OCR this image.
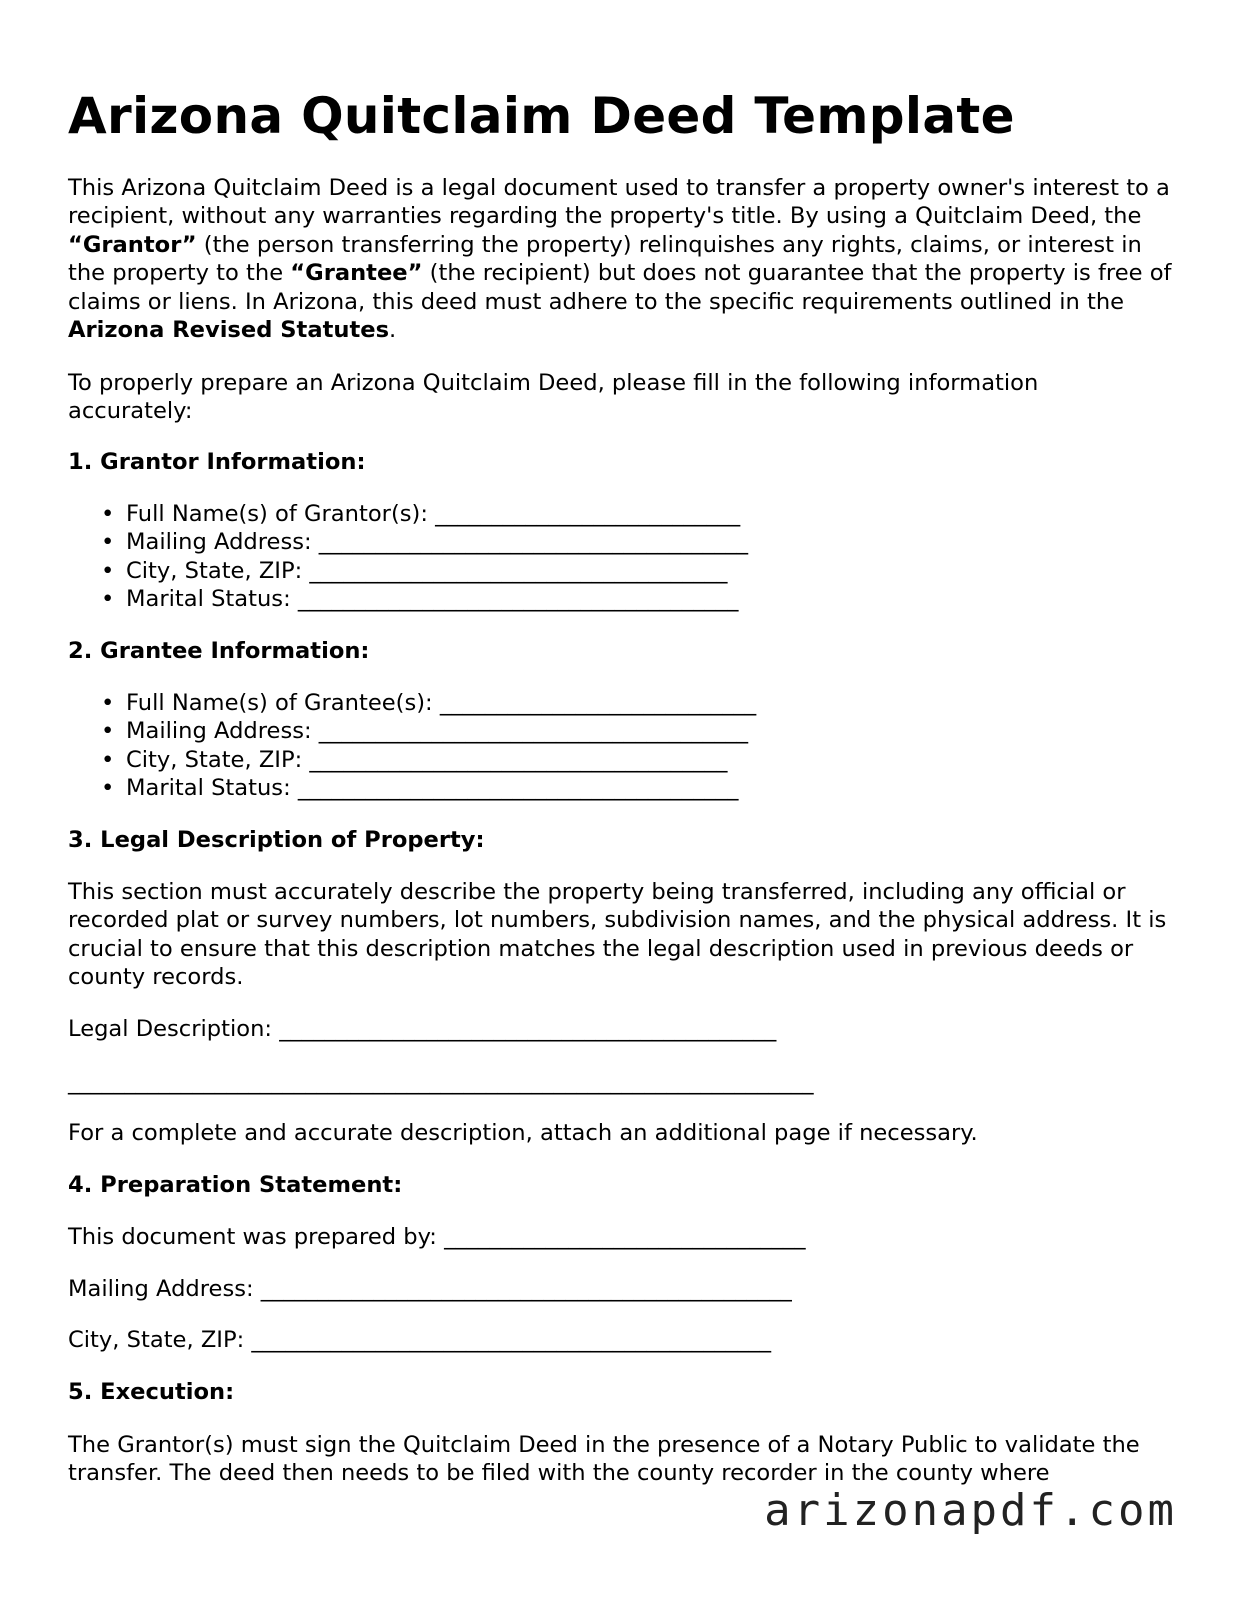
Arizona Quitclaim Deed Template

This Arizona Quitclaim Deed is a legal document used to transfer a property owner's interest to a recipient, without any warranties regarding the property's title. By using a Quitclaim Deed, the “Grantor” (the person transferring the property) relinquishes any rights, claims, or interest in the property to the “Grantee” (the recipient) but does not guarantee that the property is free of claims or liens. In Arizona, this deed must adhere to the specific requirements outlined in the Arizona Revised Statutes.

To properly prepare an Arizona Quitclaim Deed, please fill in the following information accurately:

1. Grantor Information:

• Full Name(s) of Grantor(s): ___________________________
• Mailing Address: ______________________________________
• City, State, ZIP: _____________________________________
• Marital Status: _______________________________________

2. Grantee Information:

• Full Name(s) of Grantee(s): ____________________________
• Mailing Address: ______________________________________
• City, State, ZIP: _____________________________________
• Marital Status: _______________________________________

3. Legal Description of Property:

This section must accurately describe the property being transferred, including any official or recorded plat or survey numbers, lot numbers, subdivision names, and the physical address. It is crucial to ensure that this description matches the legal description used in previous deeds or county records.

Legal Description: ____________________________________________

__________________________________________________________________

For a complete and accurate description, attach an additional page if necessary.

4. Preparation Statement:

This document was prepared by: ________________________________

Mailing Address: _______________________________________________

City, State, ZIP: ______________________________________________

5. Execution:

The Grantor(s) must sign the Quitclaim Deed in the presence of a Notary Public to validate the transfer. The deed then needs to be filed with the county recorder in the county where

arizonapdf.com
